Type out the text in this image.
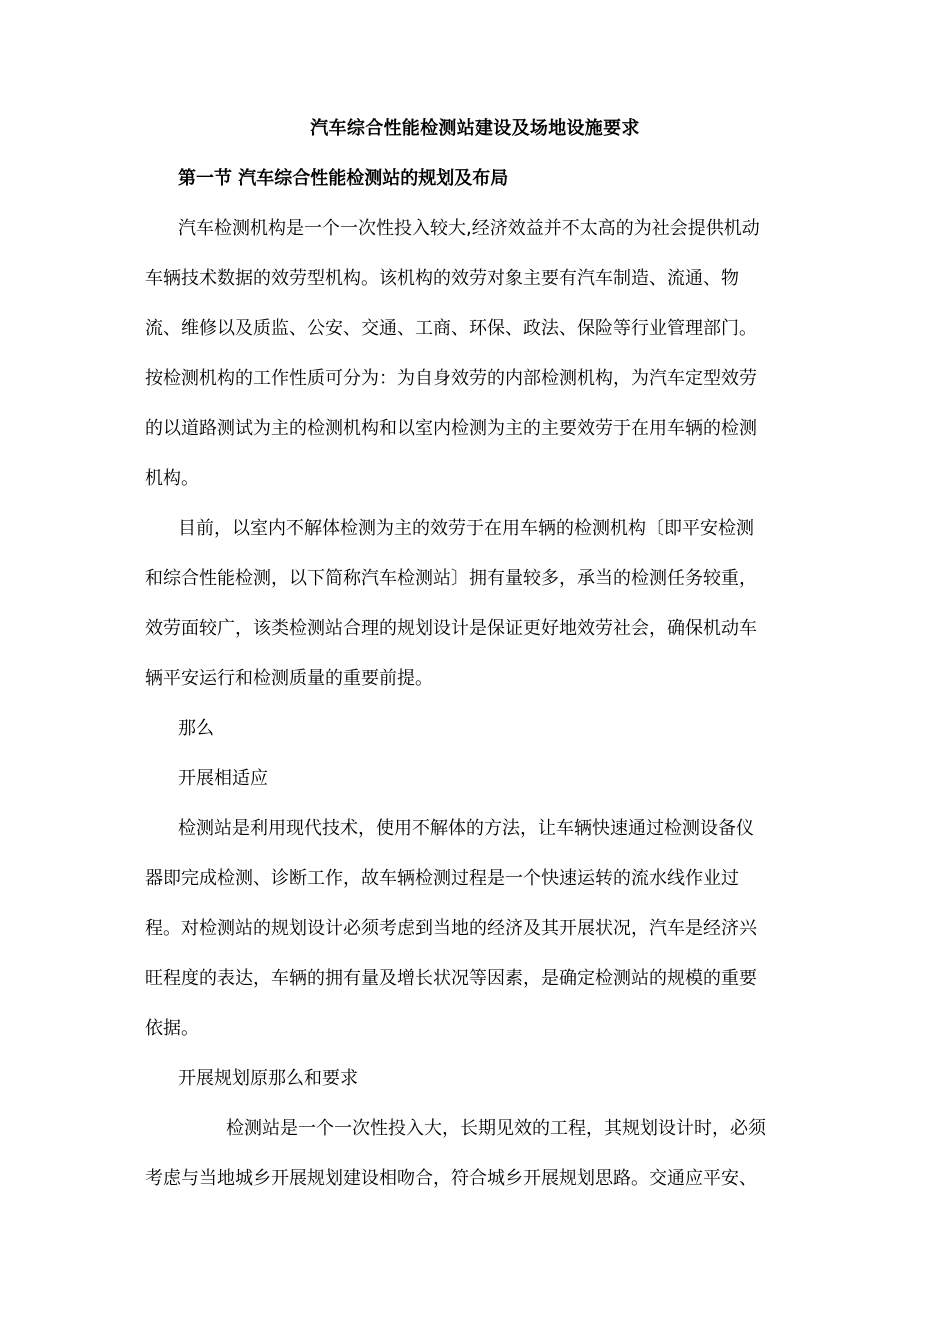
汽车综合性能检测站建设及场地设施要求
第一节 汽车综合性能检测站的规划及布局
汽车检测机构是一个一次性投入较大,经济效益并不太高的为社会提供机动
车辆技术数据的效劳型机构。该机构的效劳对象主要有汽车制造、流通、物
流、维修以及质监、公安、交通、工商、环保、政法、保险等行业管理部门。
按检测机构的工作性质可分为：为自身效劳的内部检测机构，为汽车定型效劳
的以道路测试为主的检测机构和以室内检测为主的主要效劳于在用车辆的检测
机构。
目前，以室内不解体检测为主的效劳于在用车辆的检测机构〔即平安检测
和综合性能检测，以下简称汽车检测站〕拥有量较多，承当的检测任务较重，
效劳面较广，该类检测站合理的规划设计是保证更好地效劳社会，确保机动车
辆平安运行和检测质量的重要前提。
那么
开展相适应
检测站是利用现代技术，使用不解体的方法，让车辆快速通过检测设备仪
器即完成检测、诊断工作，故车辆检测过程是一个快速运转的流水线作业过
程。对检测站的规划设计必须考虑到当地的经济及其开展状况，汽车是经济兴
旺程度的表达，车辆的拥有量及增长状况等因素，是确定检测站的规模的重要
依据。
开展规划原那么和要求
检测站是一个一次性投入大，长期见效的工程，其规划设计时，必须
考虑与当地城乡开展规划建设相吻合，符合城乡开展规划思路。交通应平安、
